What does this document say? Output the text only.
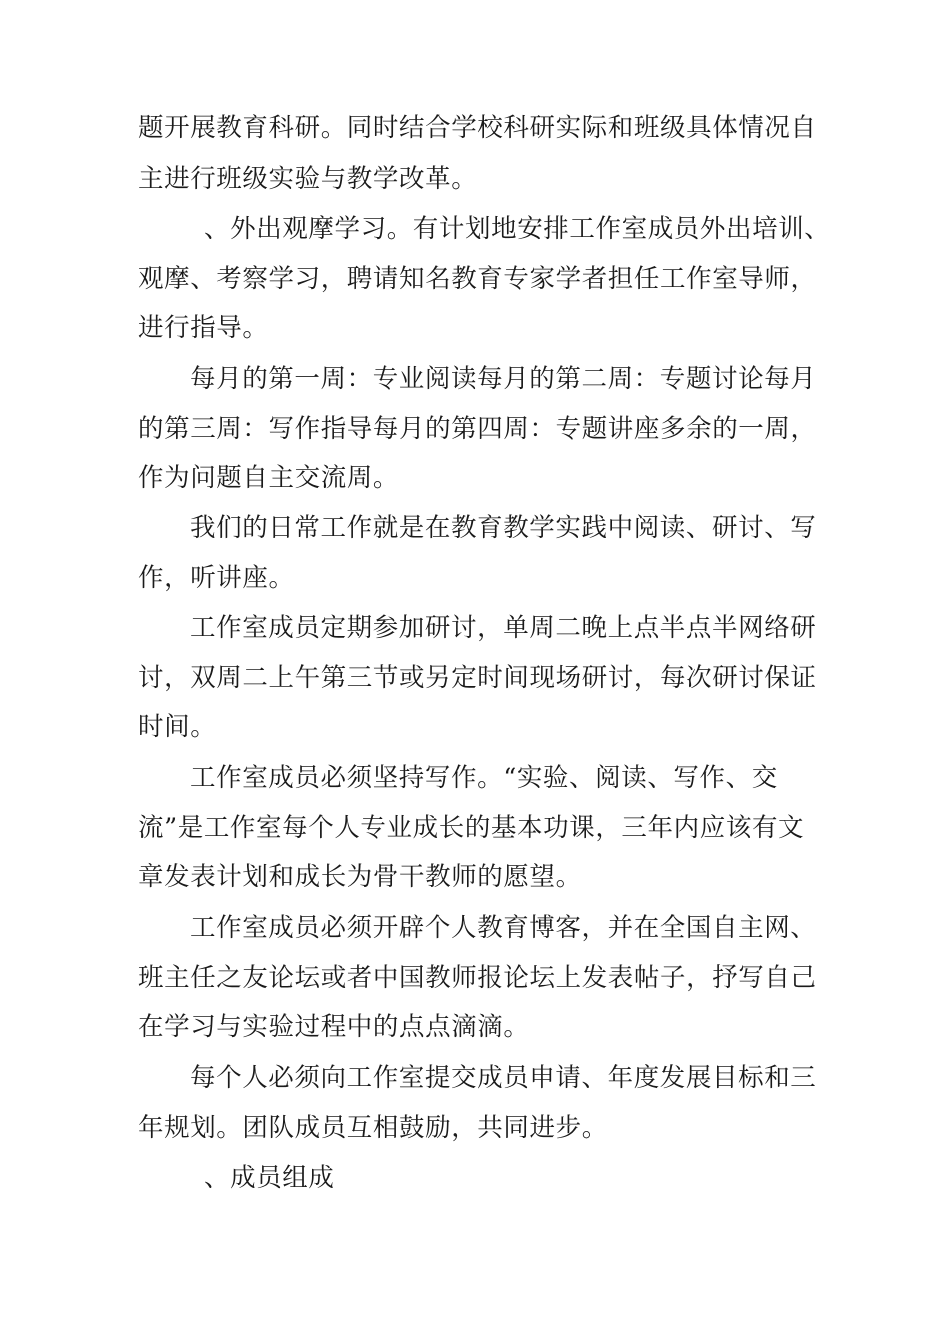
题开展教育科研。同时结合学校科研实际和班级具体情况自
主进行班级实验与教学改革。
、外出观摩学习。有计划地安排工作室成员外出培训、
观摩、考察学习，聘请知名教育专家学者担任工作室导师，
进行指导。
每月的第一周：专业阅读每月的第二周：专题讨论每月
的第三周：写作指导每月的第四周：专题讲座多余的一周，
作为问题自主交流周。
我们的日常工作就是在教育教学实践中阅读、研讨、写
作，听讲座。
工作室成员定期参加研讨，单周二晚上点半点半网络研
讨，双周二上午第三节或另定时间现场研讨，每次研讨保证
时间。
工作室成员必须坚持写作。“实验、阅读、写作、交
流”是工作室每个人专业成长的基本功课，三年内应该有文
章发表计划和成长为骨干教师的愿望。
工作室成员必须开辟个人教育博客，并在全国自主网、
班主任之友论坛或者中国教师报论坛上发表帖子，抒写自己
在学习与实验过程中的点点滴滴。
每个人必须向工作室提交成员申请、年度发展目标和三
年规划。团队成员互相鼓励，共同进步。
、成员组成
